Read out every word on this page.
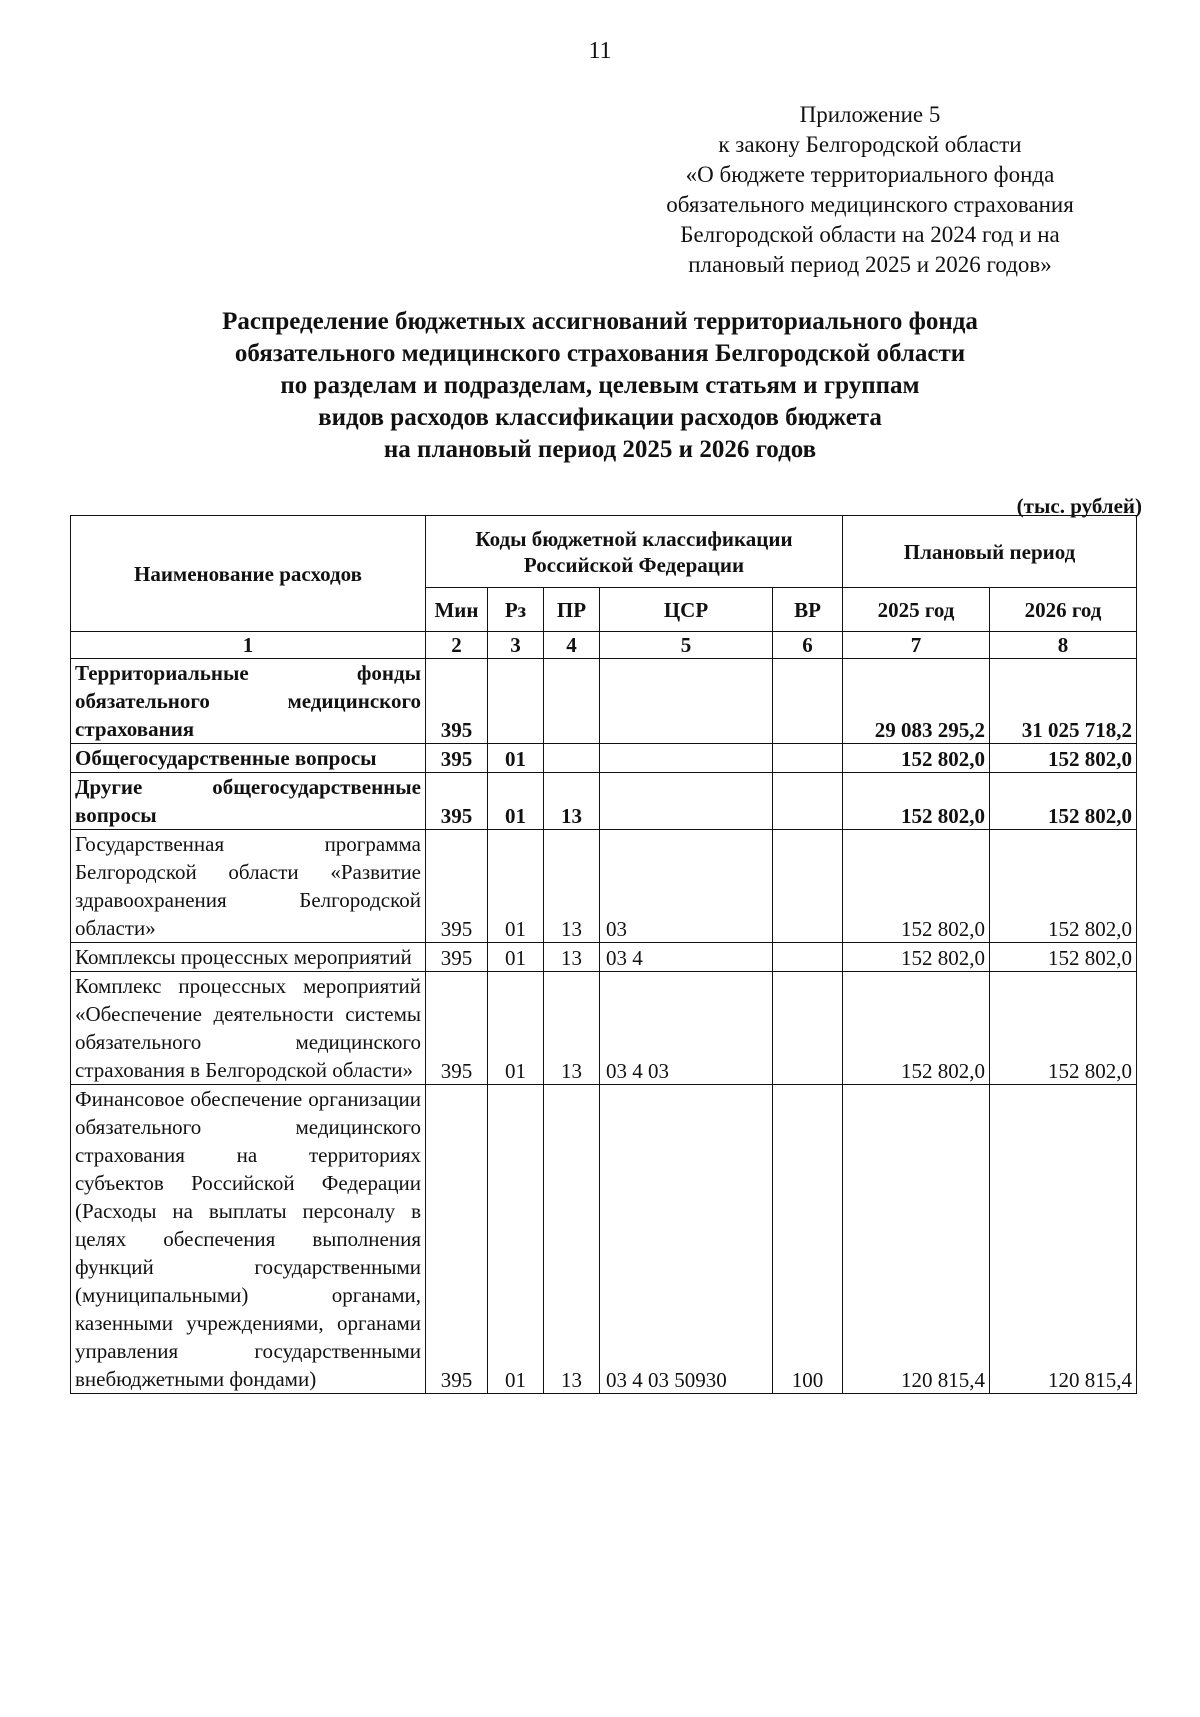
11
Приложение 5
к закону Белгородской области
«О бюджете территориального фонда
обязательного медицинского страхования
Белгородской области на 2024 год и на
плановый период 2025 и 2026 годов»
Распределение бюджетных ассигнований территориального фонда
обязательного медицинского страхования Белгородской области
по разделам и подразделам, целевым статьям и группам
видов расходов классификации расходов бюджета
на плановый период 2025 и 2026 годов
(тыс. рублей)
Наименование расходов	Коды бюджетной классификации Российской Федерации					Плановый период	
	Мин	Рз	ПР	ЦСР	ВР	2025 год	2026 год
1	2	3	4	5	6	7	8
Территориальные фонды обязательного медицинского страхования	395					29 083 295,2	31 025 718,2
Общегосударственные вопросы	395	01				152 802,0	152 802,0
Другие общегосударственные вопросы	395	01	13			152 802,0	152 802,0
Государственная программа Белгородской области «Развитие здравоохранения Белгородской области»	395	01	13	03		152 802,0	152 802,0
Комплексы процессных мероприятий	395	01	13	03 4		152 802,0	152 802,0
Комплекс процессных мероприятий «Обеспечение деятельности системы обязательного медицинского страхования в Белгородской области»	395	01	13	03 4 03		152 802,0	152 802,0
Финансовое обеспечение организации обязательного медицинского страхования на территориях субъектов Российской Федерации (Расходы на выплаты персоналу в целях обеспечения выполнения функций государственными (муниципальными) органами, казенными учреждениями, органами управления государственными внебюджетными фондами)	395	01	13	03 4 03 50930	100	120 815,4	120 815,4
